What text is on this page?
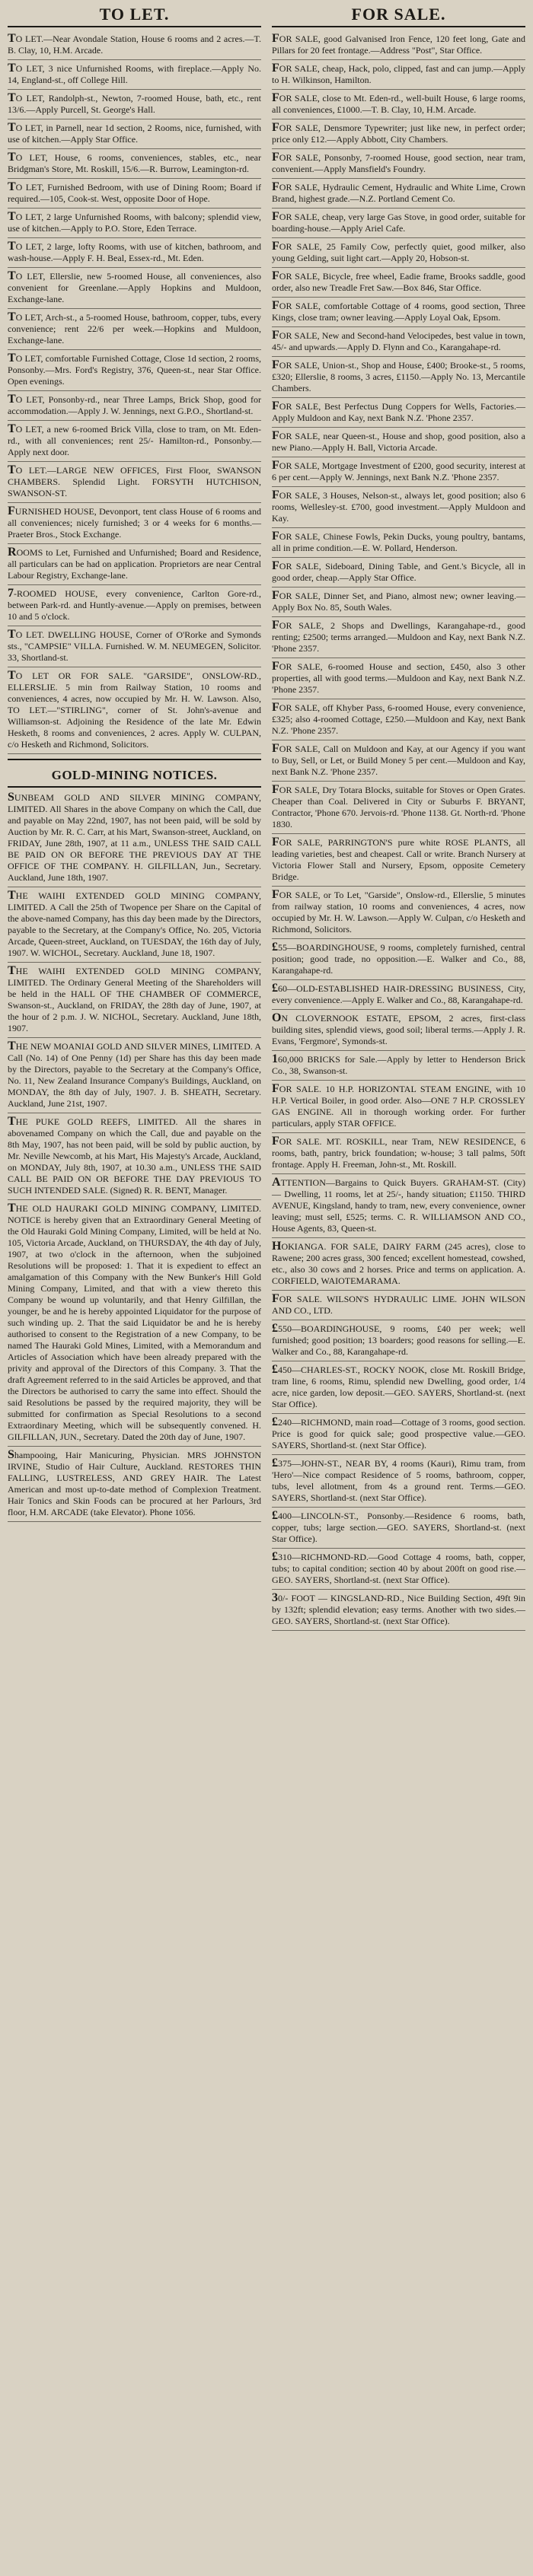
TO LET.
TO LET.—Near Avondale Station, House 6 rooms and 2 acres.—T. B. Clay, 10, H.M. Arcade.
TO LET, 3 nice Unfurnished Rooms, with fireplace.—Apply No. 14, England-st., off College Hill.
TO LET, Randolph-st., Newton, 7-roomed House, bath, etc., rent 13/6.—Apply Purcell, St. George's Hall.
TO LET, in Parnell, near 1d section, 2 Rooms, nice, furnished, with use of kitchen.—Apply Star Office.
TO LET, House, 6 rooms, conveniences, stables, etc., near Bridgman's Store, Mt. Roskill, 15/6.—R. Burrow, Leamington-rd.
TO LET, Furnished Bedroom, with use of Dining Room; Board if required.—105, Cook-st. West, opposite Door of Hope.
TO LET, 2 large Unfurnished Rooms, with balcony; splendid view, use of kitchen.—Apply to P.O. Store, Eden Terrace.
TO LET, 2 large, lofty Rooms, with use of kitchen, bathroom, and wash-house.—Apply F. H. Beal, Essex-rd., Mt. Eden.
TO LET, Ellerslie, new 5-roomed House, all conveniences, also convenient for Greenlane.—Apply Hopkins and Muldoon, Exchange-lane.
TO LET, Arch-st., a 5-roomed House, bathroom, copper, tubs, every convenience; rent 22/6 per week.—Hopkins and Muldoon, Exchange-lane.
TO LET, comfortable Furnished Cottage, Close 1d section, 2 rooms, Ponsonby.—Mrs. Ford's Registry, 376, Queen-st., near Star Office. Open evenings.
TO LET, Ponsonby-rd., near Three Lamps, Brick Shop, good for accommodation.—Apply J. W. Jennings, next G.P.O., Shortland-st.
TO LET, a new 6-roomed Brick Villa, close to tram, on Mt. Eden-rd., with all conveniences; rent 25/- Hamilton-rd., Ponsonby.—Apply next door.
TO LET.—LARGE NEW OFFICES, First Floor, SWANSON CHAMBERS. Splendid Light. FORSYTH HUTCHISON, SWANSON-ST.
FURNISHED HOUSE, Devonport, tent class House of 6 rooms and all conveniences; nicely furnished; 3 or 4 weeks for 6 months.—Praeter Bros., Stock Exchange.
ROOMS to Let, Furnished and Unfurnished; Board and Residence, all particulars can be had on application. Proprietors are near Central Labour Registry, Exchange-lane.
7-ROOMED HOUSE, every convenience, Carlton Gore-rd., between Park-rd. and Huntly-avenue.—Apply on premises, between 10 and 5 o'clock.
TO LET. DWELLING HOUSE, Corner of O'Rorke and Symonds sts., "CAMPSIE" VILLA. Furnished. W. M. NEUMEGEN, Solicitor. 33, Shortland-st.
TO LET OR FOR SALE. "GARSIDE", ONSLOW-RD., ELLERSLIE. 5 min from Railway Station, 10 rooms and conveniences, 4 acres, now occupied by Mr. H. W. Lawson. Also, TO LET.—"STIRLING", corner of St. John's-avenue and Williamson-st. Adjoining the Residence of the late Mr. Edwin Hesketh, 8 rooms and conveniences, 2 acres. Apply W. CULPAN, c/o Hesketh and Richmond, Solicitors.
GOLD-MINING NOTICES.
SUNBEAM GOLD AND SILVER MINING COMPANY, LIMITED. All Shares in the above Company on which the Call, due and payable on May 22nd, 1907, has not been paid, will be sold by Auction by Mr. R. C. Carr, at his Mart, Swanson-street, Auckland, on FRIDAY, June 28th, 1907, at 11 a.m., UNLESS THE SAID CALL BE PAID ON OR BEFORE THE PREVIOUS DAY AT THE OFFICE OF THE COMPANY. H. GILFILLAN, Jun., Secretary. Auckland, June 18th, 1907.
THE WAIHI EXTENDED GOLD MINING COMPANY, LIMITED. A Call the 25th of Twopence per Share on the Capital of the above-named Company, has this day been made by the Directors, payable to the Secretary, at the Company's Office, No. 205, Victoria Arcade, Queen-street, Auckland, on TUESDAY, the 16th day of July, 1907. W. WICHOL, Secretary. Auckland, June 18, 1907.
THE WAIHI EXTENDED GOLD MINING COMPANY, LIMITED. The Ordinary General Meeting of the Shareholders will be held in the HALL OF THE CHAMBER OF COMMERCE, Swanson-st., Auckland, on FRIDAY, the 28th day of June, 1907, at the hour of 2 p.m. J. W. NICHOL, Secretary. Auckland, June 18th, 1907.
THE NEW MOANIAI GOLD AND SILVER MINES, LIMITED. A Call (No. 14) of One Penny (1d) per Share has this day been made by the Directors, payable to the Secretary at the Company's Office, No. 11, New Zealand Insurance Company's Buildings, Auckland, on MONDAY, the 8th day of July, 1907. J. B. SHEATH, Secretary. Auckland, June 21st, 1907.
THE PUKE GOLD REEFS, LIMITED. All the shares in abovenamed Company on which the Call, due and payable on the 8th May, 1907, has not been paid, will be sold by public auction, by Mr. Neville Newcomb, at his Mart, His Majesty's Arcade, Auckland, on MONDAY, July 8th, 1907, at 10.30 a.m., UNLESS THE SAID CALL BE PAID ON OR BEFORE THE DAY PREVIOUS TO SUCH INTENDED SALE. (Signed) R. R. BENT, Manager.
THE OLD HAURAKI GOLD MINING COMPANY, LIMITED. NOTICE is hereby given that an Extraordinary General Meeting of the Old Hauraki Gold Mining Company, Limited, will be held at No. 105, Victoria Arcade, Auckland, on THURSDAY, the 4th day of July, 1907, at two o'clock in the afternoon, when the subjoined Resolutions will be proposed: 1. That it is expedient to effect an amalgamation of this Company with the New Bunker's Hill Gold Mining Company, Limited, and that with a view thereto this Company be wound up voluntarily, and that Henry Gilfillan, the younger, be and he is hereby appointed Liquidator for the purpose of such winding up. 2. That the said Liquidator be and he is hereby authorised to consent to the Registration of a new Company, to be named The Hauraki Gold Mines, Limited, with a Memorandum and Articles of Association which have been already prepared with the privity and approval of the Directors of this Company. 3. That the draft Agreement referred to in the said Articles be approved, and that the Directors be authorised to carry the same into effect. Should the said Resolutions be passed by the required majority, they will be submitted for confirmation as Special Resolutions to a second Extraordinary Meeting, which will be subsequently convened. H. GILFILLAN, JUN., Secretary. Dated the 20th day of June, 1907.
Shampooing, Hair Manicuring, Physician. MRS JOHNSTON IRVINE, Studio of Hair Culture, Auckland. RESTORES THIN FALLING, LUSTRELESS, AND GREY HAIR. The Latest American and most up-to-date method of Complexion Treatment. Hair Tonics and Skin Foods can be procured at her Parlours, 3rd floor, H.M. ARCADE (take Elevator). Phone 1056.
FOR SALE.
FOR SALE, good Galvanised Iron Fence, 120 feet long, Gate and Pillars for 20 feet frontage.—Address "Post", Star Office.
FOR SALE, cheap, Hack, polo, clipped, fast and can jump.—Apply to H. Wilkinson, Hamilton.
FOR SALE, close to Mt. Eden-rd., well-built House, 6 large rooms, all conveniences, £1000.—T. B. Clay, 10, H.M. Arcade.
FOR SALE, Densmore Typewriter; just like new, in perfect order; price only £12.—Apply Abbott, City Chambers.
FOR SALE, Ponsonby, 7-roomed House, good section, near tram, convenient.—Apply Mansfield's Foundry.
FOR SALE, Hydraulic Cement, Hydraulic and White Lime, Crown Brand, highest grade.—N.Z. Portland Cement Co.
FOR SALE, cheap, very large Gas Stove, in good order, suitable for boarding-house.—Apply Ariel Cafe.
FOR SALE, 25 Family Cow, perfectly quiet, good milker, also young Gelding, suit light cart.—Apply 20, Hobson-st.
FOR SALE, Bicycle, free wheel, Eadie frame, Brooks saddle, good order, also new Treadle Fret Saw.—Box 846, Star Office.
FOR SALE, comfortable Cottage of 4 rooms, good section, Three Kings, close tram; owner leaving.—Apply Loyal Oak, Epsom.
FOR SALE, New and Second-hand Velocipedes, best value in town, 45/- and upwards.—Apply D. Flynn and Co., Karangahape-rd.
FOR SALE, Union-st., Shop and House, £400; Brooke-st., 5 rooms, £320; Ellerslie, 8 rooms, 3 acres, £1150.—Apply No. 13, Mercantile Chambers.
FOR SALE, Best Perfectus Dung Coppers for Wells, Factories.—Apply Muldoon and Kay, next Bank N.Z. 'Phone 2357.
FOR SALE, near Queen-st., House and shop, good position, also a new Piano.—Apply H. Ball, Victoria Arcade.
FOR SALE, Mortgage Investment of £200, good security, interest at 6 per cent.—Apply W. Jennings, next Bank N.Z. 'Phone 2357.
FOR SALE, 3 Houses, Nelson-st., always let, good position; also 6 rooms, Wellesley-st. £700, good investment.—Apply Muldoon and Kay.
FOR SALE, Chinese Fowls, Pekin Ducks, young poultry, bantams, all in prime condition.—E. W. Pollard, Henderson.
FOR SALE, Sideboard, Dining Table, and Gent.'s Bicycle, all in good order, cheap.—Apply Star Office.
FOR SALE, Dinner Set, and Piano, almost new; owner leaving.—Apply Box No. 85, South Wales.
FOR SALE, 2 Shops and Dwellings, Karangahape-rd., good renting; £2500; terms arranged.—Muldoon and Kay, next Bank N.Z. 'Phone 2357.
FOR SALE, 6-roomed House and section, £450, also 3 other properties, all with good terms.—Muldoon and Kay, next Bank N.Z. 'Phone 2357.
FOR SALE, off Khyber Pass, 6-roomed House, every convenience, £325; also 4-roomed Cottage, £250.—Muldoon and Kay, next Bank N.Z. 'Phone 2357.
FOR SALE, Call on Muldoon and Kay, at our Agency if you want to Buy, Sell, or Let, or Build Money 5 per cent.—Muldoon and Kay, next Bank N.Z. 'Phone 2357.
FOR SALE, Dry Totara Blocks, suitable for Stoves or Open Grates. Cheaper than Coal. Delivered in City or Suburbs F. BRYANT, Contractor, 'Phone 670. Jervois-rd. 'Phone 1138. Gt. North-rd. 'Phone 1830.
FOR SALE, PARRINGTON'S pure white ROSE PLANTS, all leading varieties, best and cheapest. Call or write. Branch Nursery at Victoria Flower Stall and Nursery, Epsom, opposite Cemetery Bridge.
FOR SALE, or To Let, "Garside", Onslow-rd., Ellerslie, 5 minutes from railway station, 10 rooms and conveniences, 4 acres, now occupied by Mr. H. W. Lawson.—Apply W. Culpan, c/o Hesketh and Richmond, Solicitors.
£55—BOARDINGHOUSE, 9 rooms, completely furnished, central position; good trade, no opposition.—E. Walker and Co., 88, Karangahape-rd.
£60—OLD-ESTABLISHED HAIR-DRESSING BUSINESS, City, every convenience.—Apply E. Walker and Co., 88, Karangahape-rd.
ON CLOVERNOOK ESTATE, EPSOM, 2 acres, first-class building sites, splendid views, good soil; liberal terms.—Apply J. R. Evans, 'Fergmore', Symonds-st.
160,000 BRICKS for Sale.—Apply by letter to Henderson Brick Co., 38, Swanson-st.
FOR SALE. 10 H.P. HORIZONTAL STEAM ENGINE, with 10 H.P. Vertical Boiler, in good order. Also—ONE 7 H.P. CROSSLEY GAS ENGINE. All in thorough working order. For further particulars, apply STAR OFFICE.
FOR SALE. MT. ROSKILL, near Tram, NEW RESIDENCE, 6 rooms, bath, pantry, brick foundation; w-house; 3 tall palms, 50ft frontage. Apply H. Freeman, John-st., Mt. Roskill.
ATTENTION—Bargains to Quick Buyers. GRAHAM-ST. (City) — Dwelling, 11 rooms, let at 25/-, handy situation; £1150. THIRD AVENUE, Kingsland, handy to tram, new, every convenience, owner leaving; must sell, £525; terms. C. R. WILLIAMSON AND CO., House Agents, 83, Queen-st.
HOKIANGA. FOR SALE, DAIRY FARM (245 acres), close to Rawene; 200 acres grass, 300 fenced; excellent homestead, cowshed, etc., also 30 cows and 2 horses. Price and terms on application. A. CORFIELD, WAIOTEMARAMA.
FOR SALE. WILSON'S HYDRAULIC LIME. JOHN WILSON AND CO., LTD.
£550—BOARDINGHOUSE, 9 rooms, £40 per week; well furnished; good position; 13 boarders; good reasons for selling.—E. Walker and Co., 88, Karangahape-rd.
£450—CHARLES-ST., ROCKY NOOK, close Mt. Roskill Bridge, tram line, 6 rooms, Rimu, splendid new Dwelling, good order, 1/4 acre, nice garden, low deposit.—GEO. SAYERS, Shortland-st. (next Star Office).
£240—RICHMOND, main road—Cottage of 3 rooms, good section. Price is good for quick sale; good prospective value.—GEO. SAYERS, Shortland-st. (next Star Office).
£375—JOHN-ST., NEAR BY, 4 rooms (Kauri), Rimu tram, from 'Hero'—Nice compact Residence of 5 rooms, bathroom, copper, tubs, level allotment, from 4s a ground rent. Terms.—GEO. SAYERS, Shortland-st. (next Star Office).
£400—LINCOLN-ST., Ponsonby.—Residence 6 rooms, bath, copper, tubs; large section.—GEO. SAYERS, Shortland-st. (next Star Office).
£310—RICHMOND-RD.—Good Cottage 4 rooms, bath, copper, tubs; to capital condition; section 40 by about 200ft on good rise.—GEO. SAYERS, Shortland-st. (next Star Office).
30/- FOOT — KINGSLAND-RD., Nice Building Section, 49ft 9in by 132ft; splendid elevation; easy terms. Another with two sides.—GEO. SAYERS, Shortland-st. (next Star Office).
